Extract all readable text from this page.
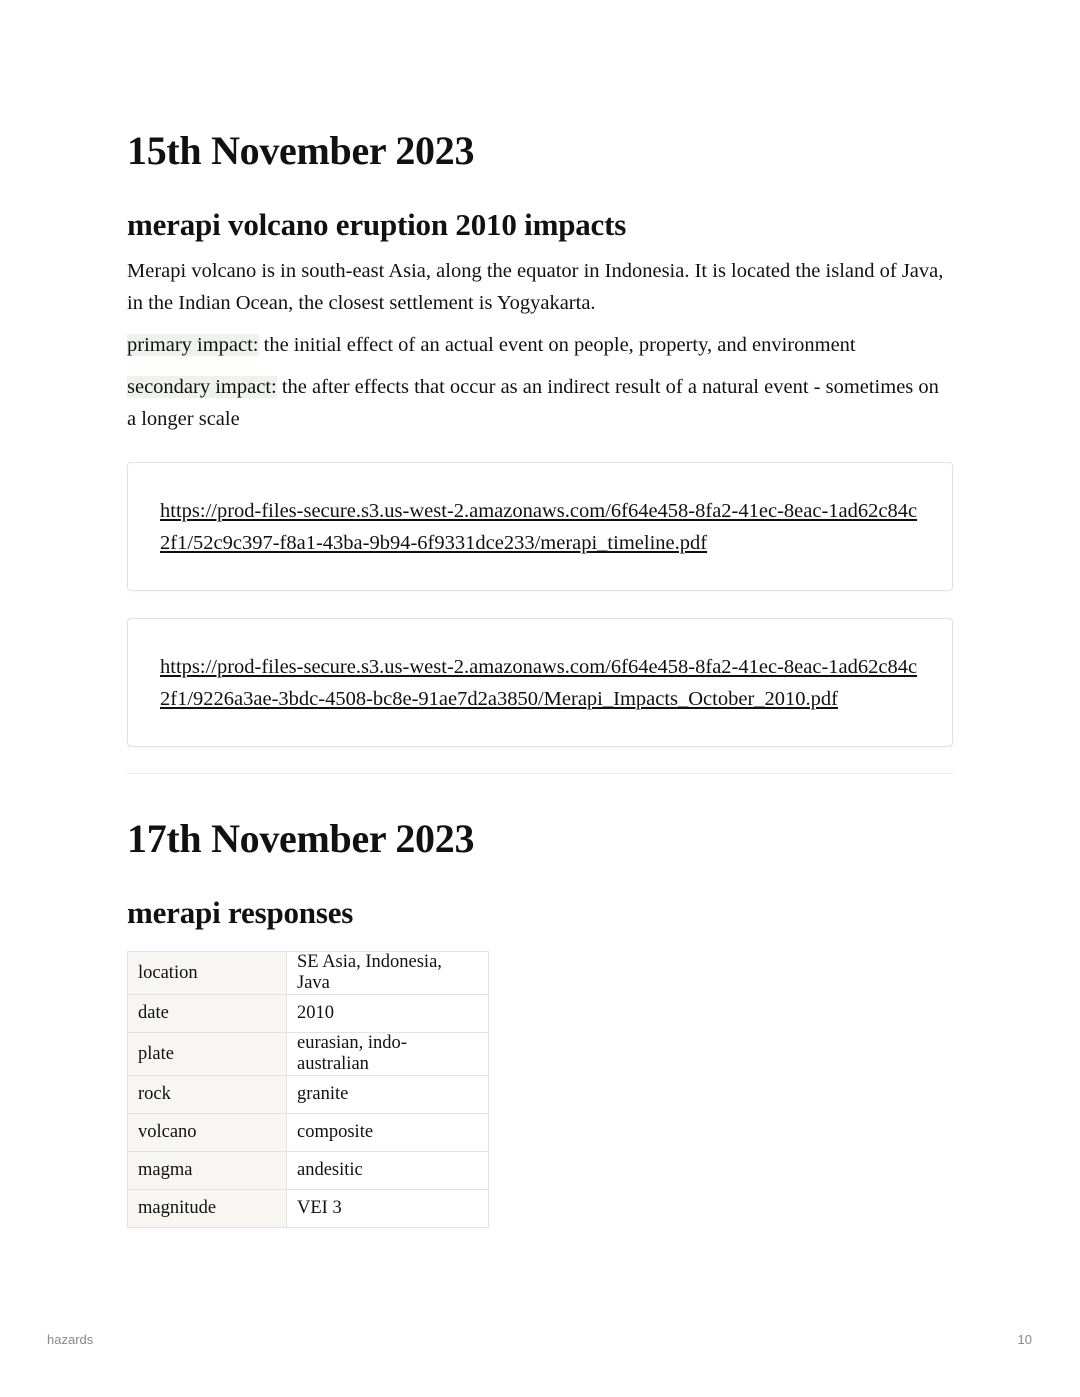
15th November 2023
merapi volcano eruption 2010 impacts

Merapi volcano is in south-east Asia, along the equator in Indonesia. It is located the island of Java, in the Indian Ocean, the closest settlement is Yogyakarta.

primary impact: the initial effect of an actual event on people, property, and environment

secondary impact: the after effects that occur as an indirect result of a natural event - sometimes on a longer scale

https://prod-files-secure.s3.us-west-2.amazonaws.com/6f64e458-8fa2-41ec-8eac-1ad62c84c2f1/52c9c397-f8a1-43ba-9b94-6f9331dce233/merapi_timeline.pdf
https://prod-files-secure.s3.us-west-2.amazonaws.com/6f64e458-8fa2-41ec-8eac-1ad62c84c2f1/9226a3ae-3bdc-4508-bc8e-91ae7d2a3850/Merapi_Impacts_October_2010.pdf
17th November 2023
merapi responses
location	SE Asia, Indonesia, Java
date	2010
plate	eurasian, indo-australian
rock	granite
volcano	composite
magma	andesitic
magnitude	VEI 3
hazards	10
